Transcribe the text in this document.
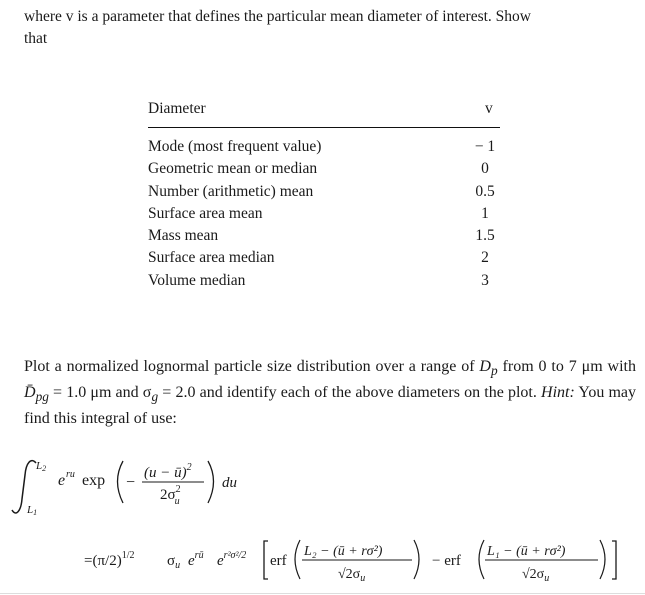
where v is a parameter that defines the particular mean diameter of interest. Show
that
Diameter	v
Mode (most frequent value)	− 1
Geometric mean or median	0
Number (arithmetic) mean	0.5
Surface area mean	1
Mass mean	1.5
Surface area median	2
Volume median	3
Plot a normalized lognormal particle size distribution over a range of $D_p$ from 0 to 7 μm with $D̄_{pg} = 1.0$ μm and $\sigma_g = 2.0$ and identify each of the above diameters on the plot. Hint: You may find this integral of use:
L2
L1
e ru exp −
(u − ū)$^2$
$2\sigma^2$ u
du
$=(\pi/2)^{1/2}$ $\sigma_u$ $e^{rū}$ $e^{r^2\sigma^2}/2$ erf
L₂ − (ū + rσ²)
$√2\sigma_u$
− erf
L₁ − (ū + rσ²)
$√2\sigma_u$
